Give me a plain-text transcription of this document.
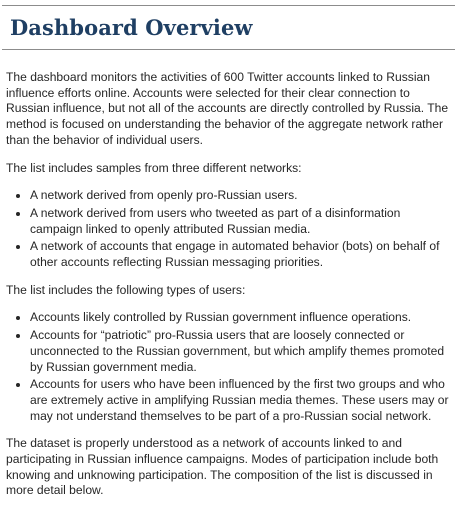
Dashboard Overview

The dashboard monitors the activities of 600 Twitter accounts linked to Russian influence efforts online. Accounts were selected for their clear connection to Russian influence, but not all of the accounts are directly controlled by Russia. The method is focused on understanding the behavior of the aggregate network rather than the behavior of individual users.

The list includes samples from three different networks:

• A network derived from openly pro-Russian users.
• A network derived from users who tweeted as part of a disinformation campaign linked to openly attributed Russian media.
• A network of accounts that engage in automated behavior (bots) on behalf of other accounts reflecting Russian messaging priorities.

The list includes the following types of users:

• Accounts likely controlled by Russian government influence operations.
• Accounts for “patriotic” pro-Russia users that are loosely connected or unconnected to the Russian government, but which amplify themes promoted by Russian government media.
• Accounts for users who have been influenced by the first two groups and who are extremely active in amplifying Russian media themes. These users may or may not understand themselves to be part of a pro-Russian social network.

The dataset is properly understood as a network of accounts linked to and participating in Russian influence campaigns. Modes of participation include both knowing and unknowing participation. The composition of the list is discussed in more detail below.
